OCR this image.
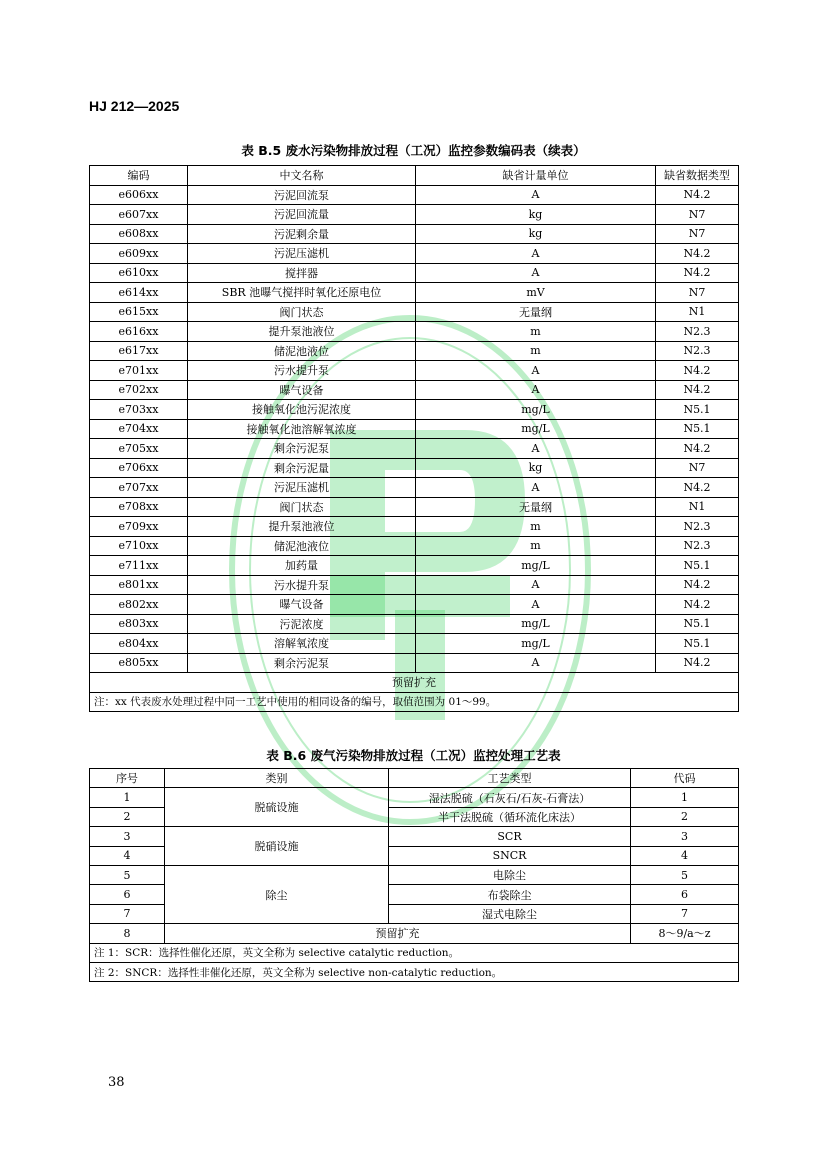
HJ 212—2025
表 B.5 废水污染物排放过程（工况）监控参数编码表（续表）
编码	中文名称	缺省计量单位	缺省数据类型
e606xx	污泥回流泵	A	N4.2
e607xx	污泥回流量	kg	N7
e608xx	污泥剩余量	kg	N7
e609xx	污泥压滤机	A	N4.2
e610xx	搅拌器	A	N4.2
e614xx	SBR 池曝气搅拌时氧化还原电位	mV	N7
e615xx	阀门状态	无量纲	N1
e616xx	提升泵池液位	m	N2.3
e617xx	储泥池液位	m	N2.3
e701xx	污水提升泵	A	N4.2
e702xx	曝气设备	A	N4.2
e703xx	接触氧化池污泥浓度	mg/L	N5.1
e704xx	接触氧化池溶解氧浓度	mg/L	N5.1
e705xx	剩余污泥泵	A	N4.2
e706xx	剩余污泥量	kg	N7
e707xx	污泥压滤机	A	N4.2
e708xx	阀门状态	无量纲	N1
e709xx	提升泵池液位	m	N2.3
e710xx	储泥池液位	m	N2.3
e711xx	加药量	mg/L	N5.1
e801xx	污水提升泵	A	N4.2
e802xx	曝气设备	A	N4.2
e803xx	污泥浓度	mg/L	N5.1
e804xx	溶解氧浓度	mg/L	N5.1
e805xx	剩余污泥泵	A	N4.2
预留扩充			
注：xx 代表废水处理过程中同一工艺中使用的相同设备的编号，取值范围为 01～99。			
表 B.6 废气污染物排放过程（工况）监控处理工艺表
序号	类别	工艺类型	代码
1	脱硫设施	湿法脱硫（石灰石/石灰-石膏法）	1
2		半干法脱硫（循环流化床法）	2
3	脱硝设施	SCR	3
4		SNCR	4
5	除尘	电除尘	5
6		布袋除尘	6
7		湿式电除尘	7
8	预留扩充		8～9/a～z
注 1：SCR：选择性催化还原，英文全称为 selective catalytic reduction。			
注 2：SNCR：选择性非催化还原，英文全称为 selective non-catalytic reduction。			
38
